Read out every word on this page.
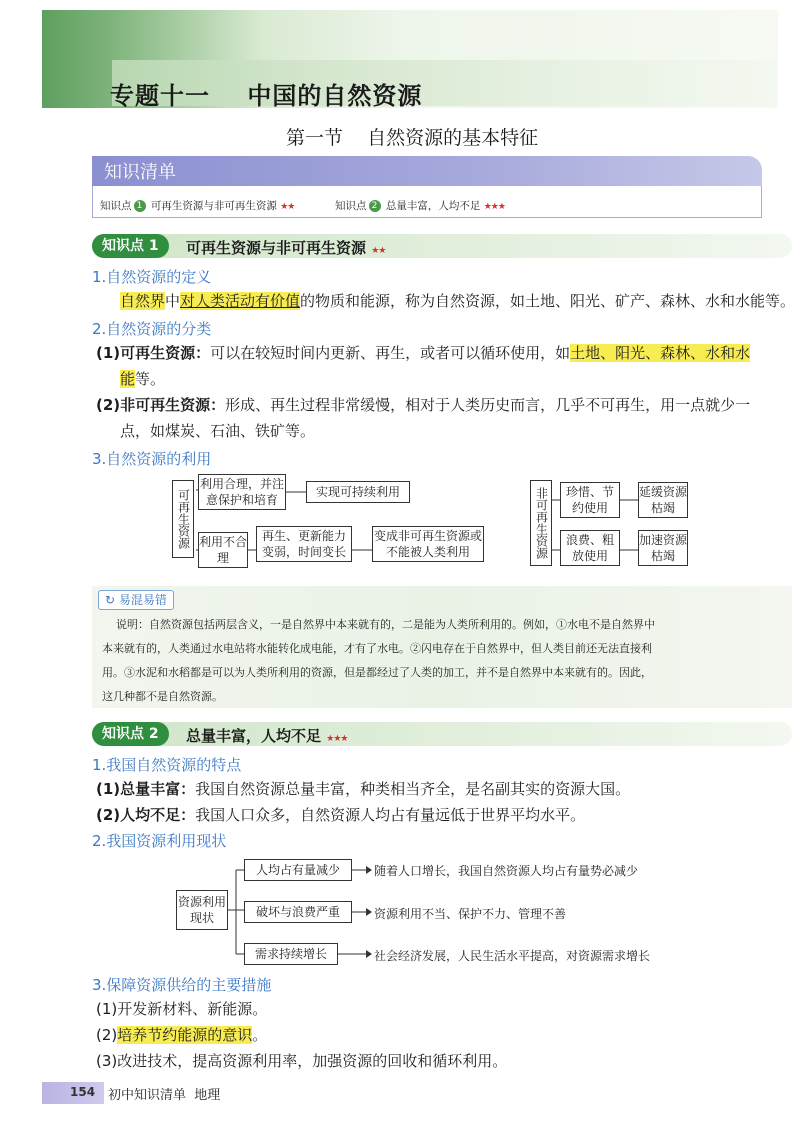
专题十一    中国的自然资源
第一节    自然资源的基本特征
知识清单
知识点 1 可再生资源与非可再生资源 ★★	知识点 2 总量丰富，人均不足 ★★★
知识点 1	可再生资源与非可再生资源 ★★
1.自然资源的定义
自然界中对人类活动有价值的物质和能源，称为自然资源，如土地、阳光、矿产、森林、水和水能等。
2.自然资源的分类
(1)可再生资源：可以在较短时间内更新、再生，或者可以循环使用，如土地、阳光、森林、水和水
能等。
(2)非可再生资源：形成、再生过程非常缓慢，相对于人类历史而言，几乎不可再生，用一点就少一
点，如煤炭、石油、铁矿等。
3.自然资源的利用
可再生资源
利用合理，并注意保护和培育
实现可持续利用
利用不合理
再生、更新能力变弱，时间变长
变成非可再生资源或不能被人类利用	非可再生资源	珍惜、节约使用
延缓资源枯竭
浪费、粗放使用
加速资源枯竭
↻ 易混易错
说明：自然资源包括两层含义，一是自然界中本来就有的，二是能为人类所利用的。例如，①水电不是自然界中
本来就有的，人类通过水电站将水能转化成电能，才有了水电。②闪电存在于自然界中，但人类目前还无法直接利
用。③水泥和水稻都是可以为人类所利用的资源，但是都经过了人类的加工，并不是自然界中本来就有的。因此，
这几种都不是自然资源。
知识点 2	总量丰富，人均不足 ★★★
1.我国自然资源的特点
(1)总量丰富：我国自然资源总量丰富，种类相当齐全，是名副其实的资源大国。
(2)人均不足：我国人口众多，自然资源人均占有量远低于世界平均水平。
2.我国资源利用现状
资源利用现状
人均占有量减少	随着人口增长，我国自然资源人均占有量势必减少
破坏与浪费严重	资源利用不当、保护不力、管理不善
需求持续增长	社会经济发展，人民生活水平提高，对资源需求增长
3.保障资源供给的主要措施
(1)开发新材料、新能源。
(2)培养节约能源的意识。
(3)改进技术，提高资源利用率，加强资源的回收和循环利用。
154 初中知识清单  地理
